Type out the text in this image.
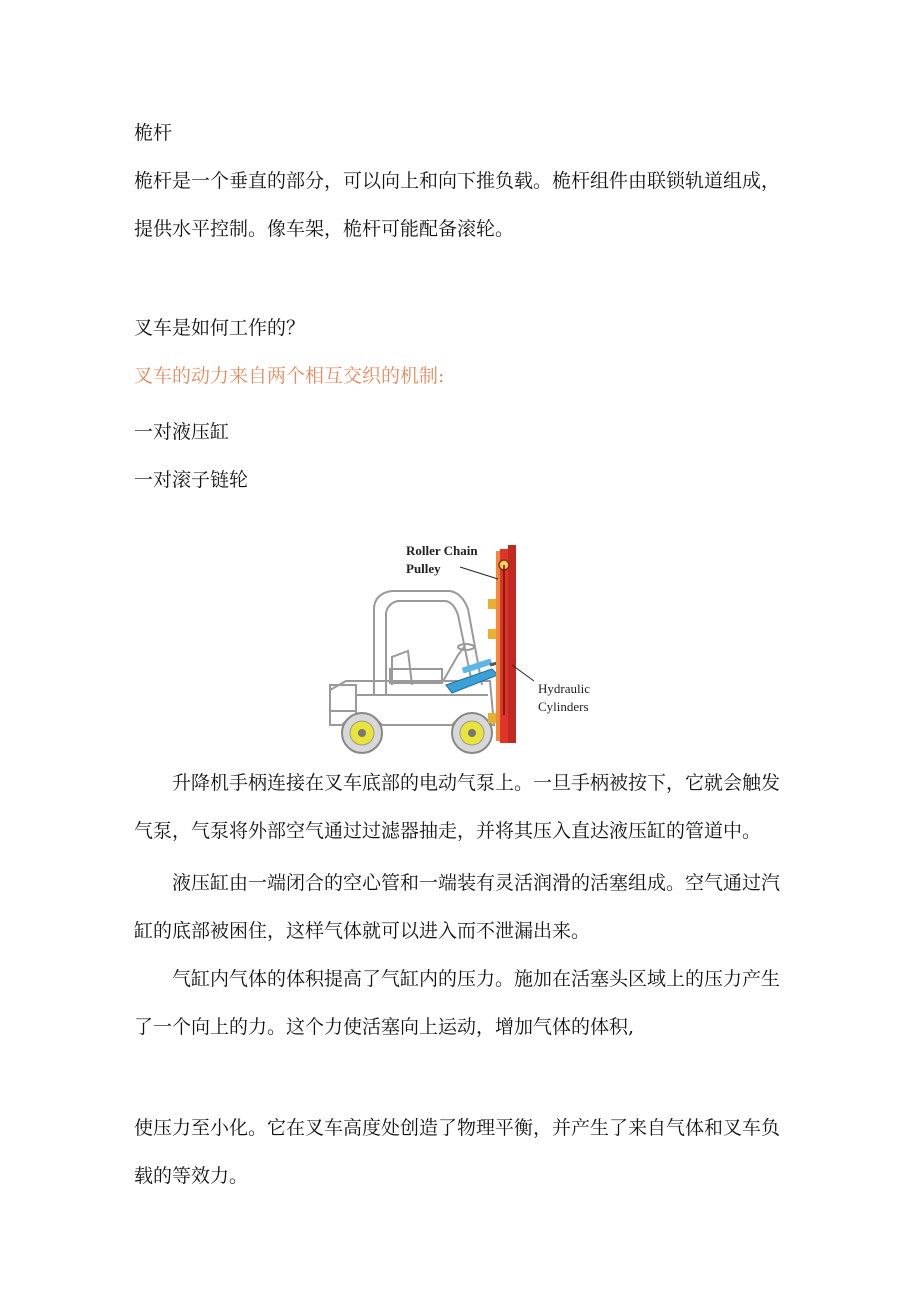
桅杆
桅杆是一个垂直的部分，可以向上和向下推负载。桅杆组件由联锁轨道组成，
提供水平控制。像车架，桅杆可能配备滚轮。
叉车是如何工作的？
叉车的动力来自两个相互交织的机制:
一对液压缸
一对滚子链轮
Roller Chain
Pulley
Hydraulic
Cylinders
升降机手柄连接在叉车底部的电动气泵上。一旦手柄被按下，它就会触发气泵，气泵将外部空气通过过滤器抽走，并将其压入直达液压缸的管道中。
液压缸由一端闭合的空心管和一端装有灵活润滑的活塞组成。空气通过汽缸的底部被困住，这样气体就可以进入而不泄漏出来。
气缸内气体的体积提高了气缸内的压力。施加在活塞头区域上的压力产生了一个向上的力。这个力使活塞向上运动，增加气体的体积,
使压力至小化。它在叉车高度处创造了物理平衡，并产生了来自气体和叉车负载的等效力。
